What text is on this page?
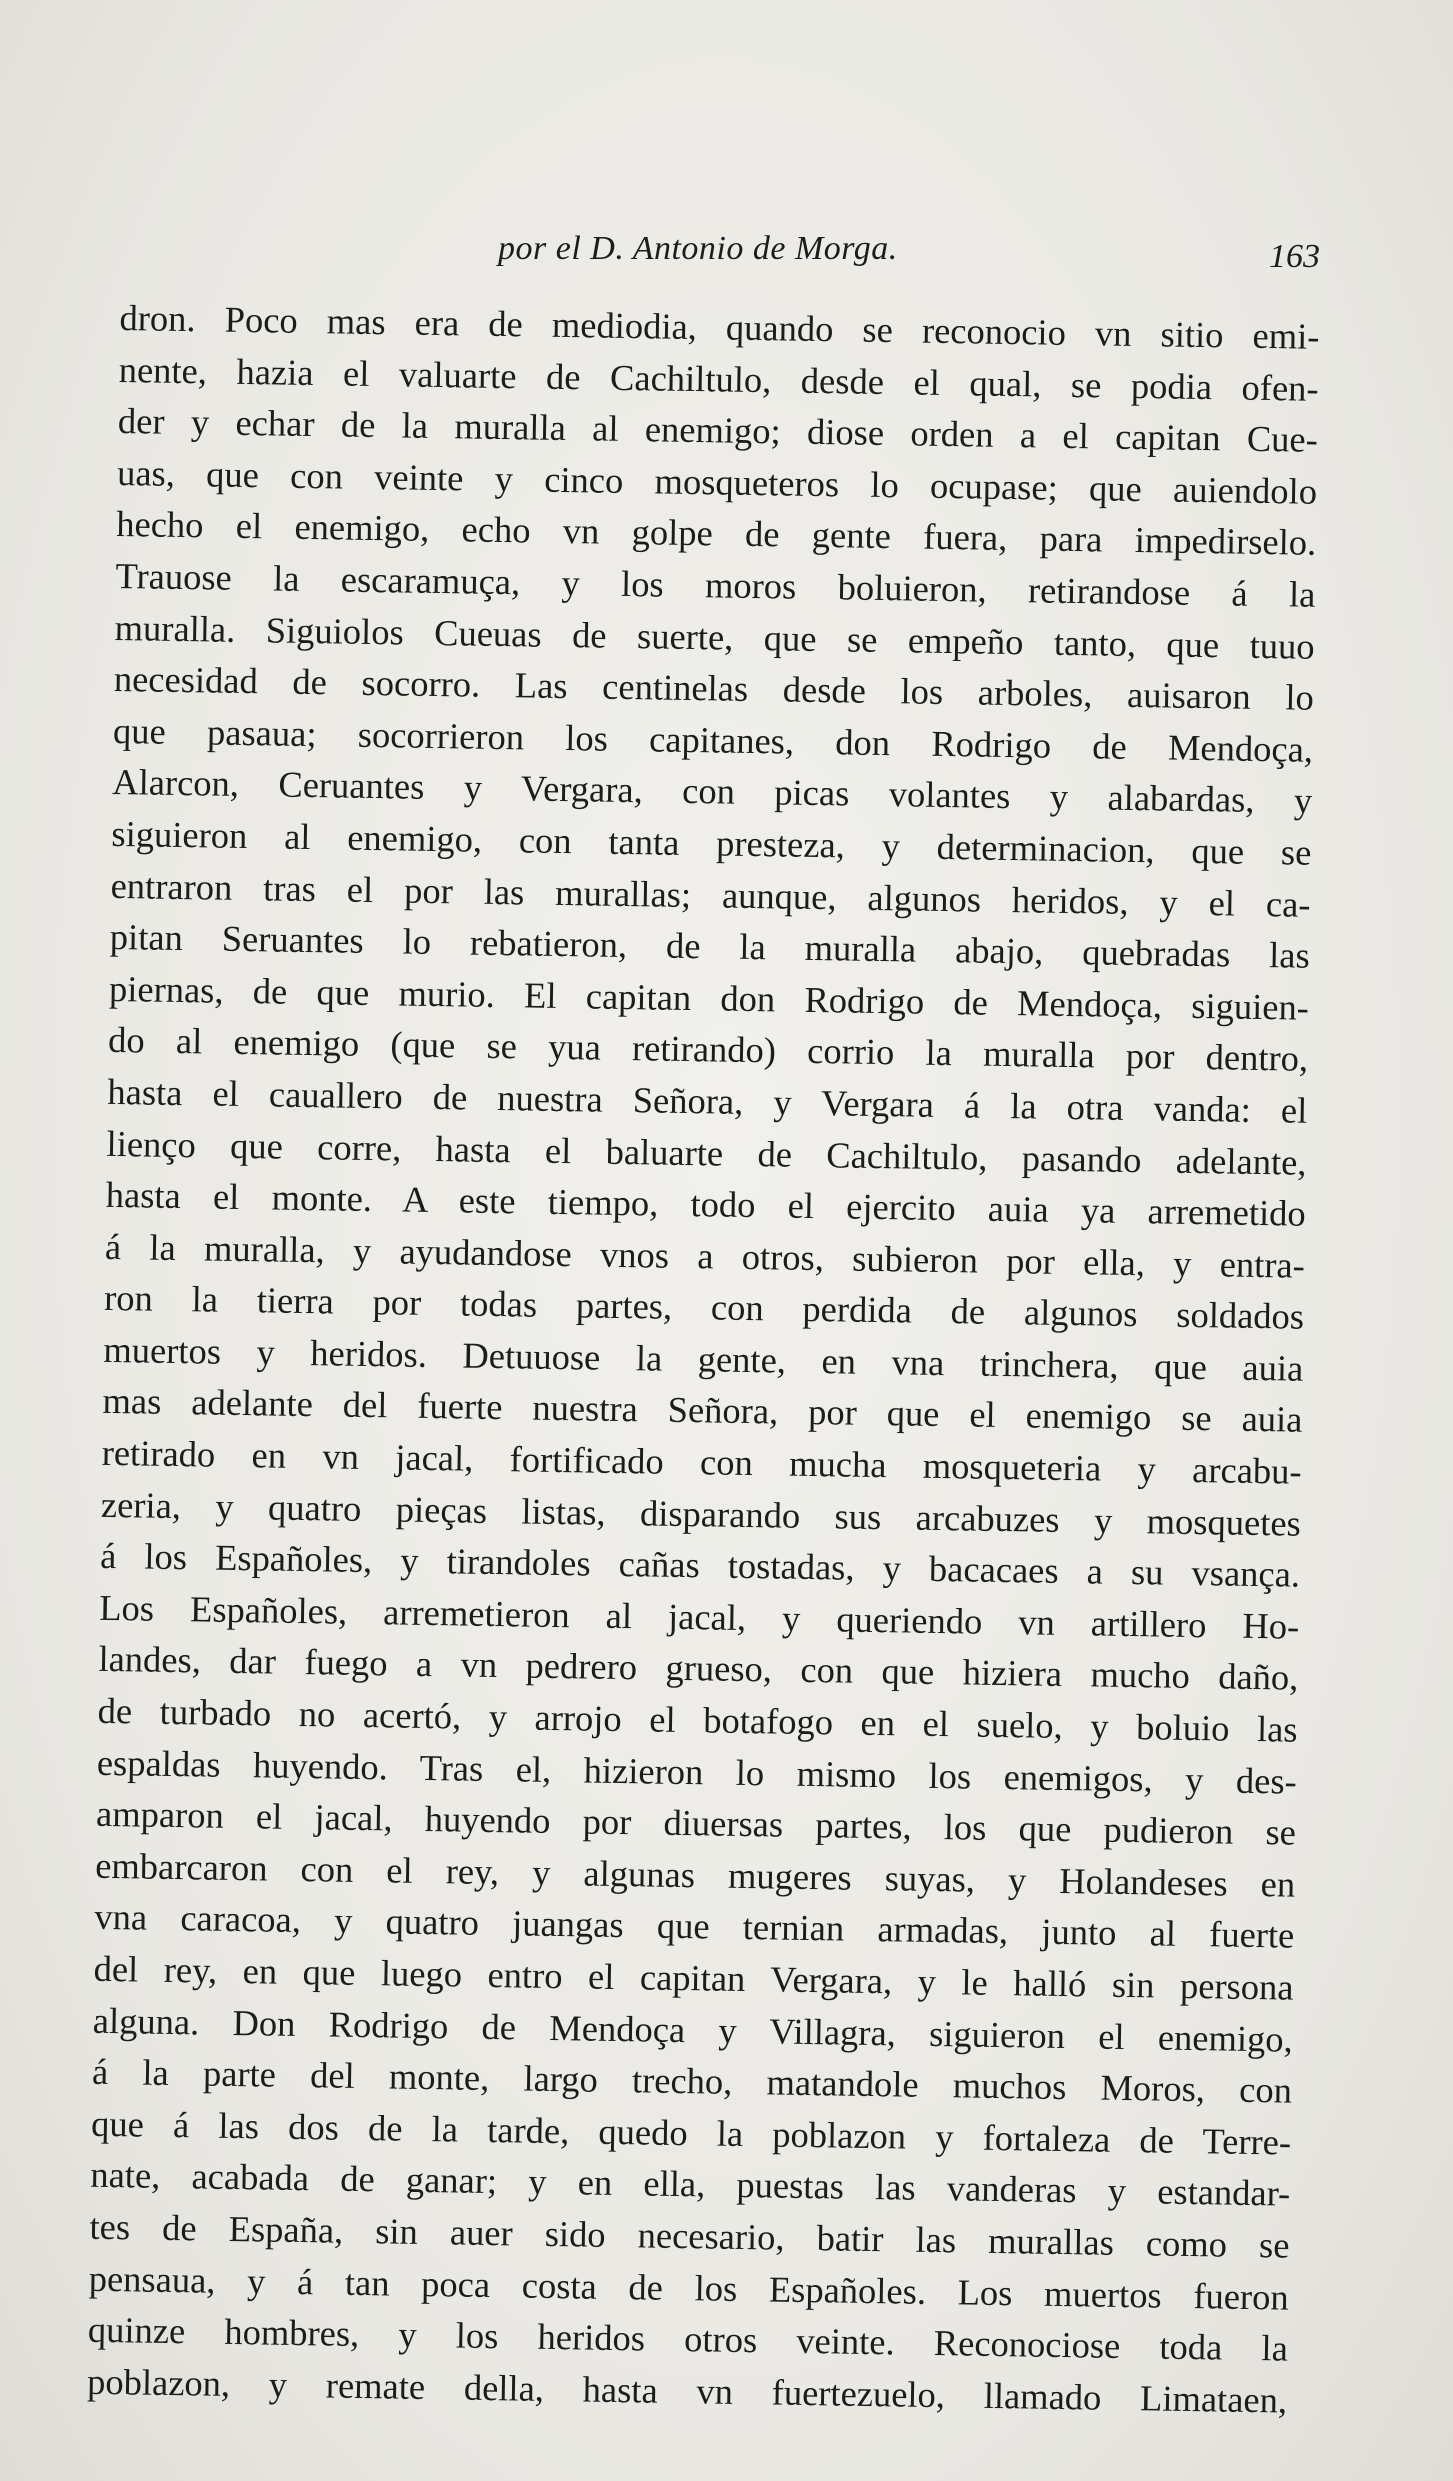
por el D. Antonio de Morga.	163
dron. Poco mas era de mediodia, quando se reconocio vn sitio emi-
nente, hazia el valuarte de Cachiltulo, desde el qual, se podia ofen-
der y echar de la muralla al enemigo; diose orden a el capitan Cue-
uas, que con veinte y cinco mosqueteros lo ocupase; que auiendolo
hecho el enemigo, echo vn golpe de gente fuera, para impedirselo.
Trauose la escaramuça, y los moros boluieron, retirandose á la
muralla. Siguiolos Cueuas de suerte, que se empeño tanto, que tuuo
necesidad de socorro. Las centinelas desde los arboles, auisaron lo
que pasaua; socorrieron los capitanes, don Rodrigo de Mendoça,
Alarcon, Ceruantes y Vergara, con picas volantes y alabardas, y
siguieron al enemigo, con tanta presteza, y determinacion, que se
entraron tras el por las murallas; aunque, algunos heridos, y el ca-
pitan Seruantes lo rebatieron, de la muralla abajo, quebradas las
piernas, de que murio. El capitan don Rodrigo de Mendoça, siguien-
do al enemigo (que se yua retirando) corrio la muralla por dentro,
hasta el cauallero de nuestra Señora, y Vergara á la otra vanda: el
lienço que corre, hasta el baluarte de Cachiltulo, pasando adelante,
hasta el monte. A este tiempo, todo el ejercito auia ya arremetido
á la muralla, y ayudandose vnos a otros, subieron por ella, y entra-
ron la tierra por todas partes, con perdida de algunos soldados
muertos y heridos. Detuuose la gente, en vna trinchera, que auia
mas adelante del fuerte nuestra Señora, por que el enemigo se auia
retirado en vn jacal, fortificado con mucha mosqueteria y arcabu-
zeria, y quatro pieças listas, disparando sus arcabuzes y mosquetes
á los Españoles, y tirandoles cañas tostadas, y bacacaes a su vsança.
Los Españoles, arremetieron al jacal, y queriendo vn artillero Ho-
landes, dar fuego a vn pedrero grueso, con que hiziera mucho daño,
de turbado no acertó, y arrojo el botafogo en el suelo, y boluio las
espaldas huyendo. Tras el, hizieron lo mismo los enemigos, y des-
amparon el jacal, huyendo por diuersas partes, los que pudieron se
embarcaron con el rey, y algunas mugeres suyas, y Holandeses en
vna caracoa, y quatro juangas que ternian armadas, junto al fuerte
del rey, en que luego entro el capitan Vergara, y le halló sin persona
alguna. Don Rodrigo de Mendoça y Villagra, siguieron el enemigo,
á la parte del monte, largo trecho, matandole muchos Moros, con
que á las dos de la tarde, quedo la poblazon y fortaleza de Terre-
nate, acabada de ganar; y en ella, puestas las vanderas y estandar-
tes de España, sin auer sido necesario, batir las murallas como se
pensaua, y á tan poca costa de los Españoles. Los muertos fueron
quinze hombres, y los heridos otros veinte. Reconociose toda la
poblazon, y remate della, hasta vn fuertezuelo, llamado Limataen,
